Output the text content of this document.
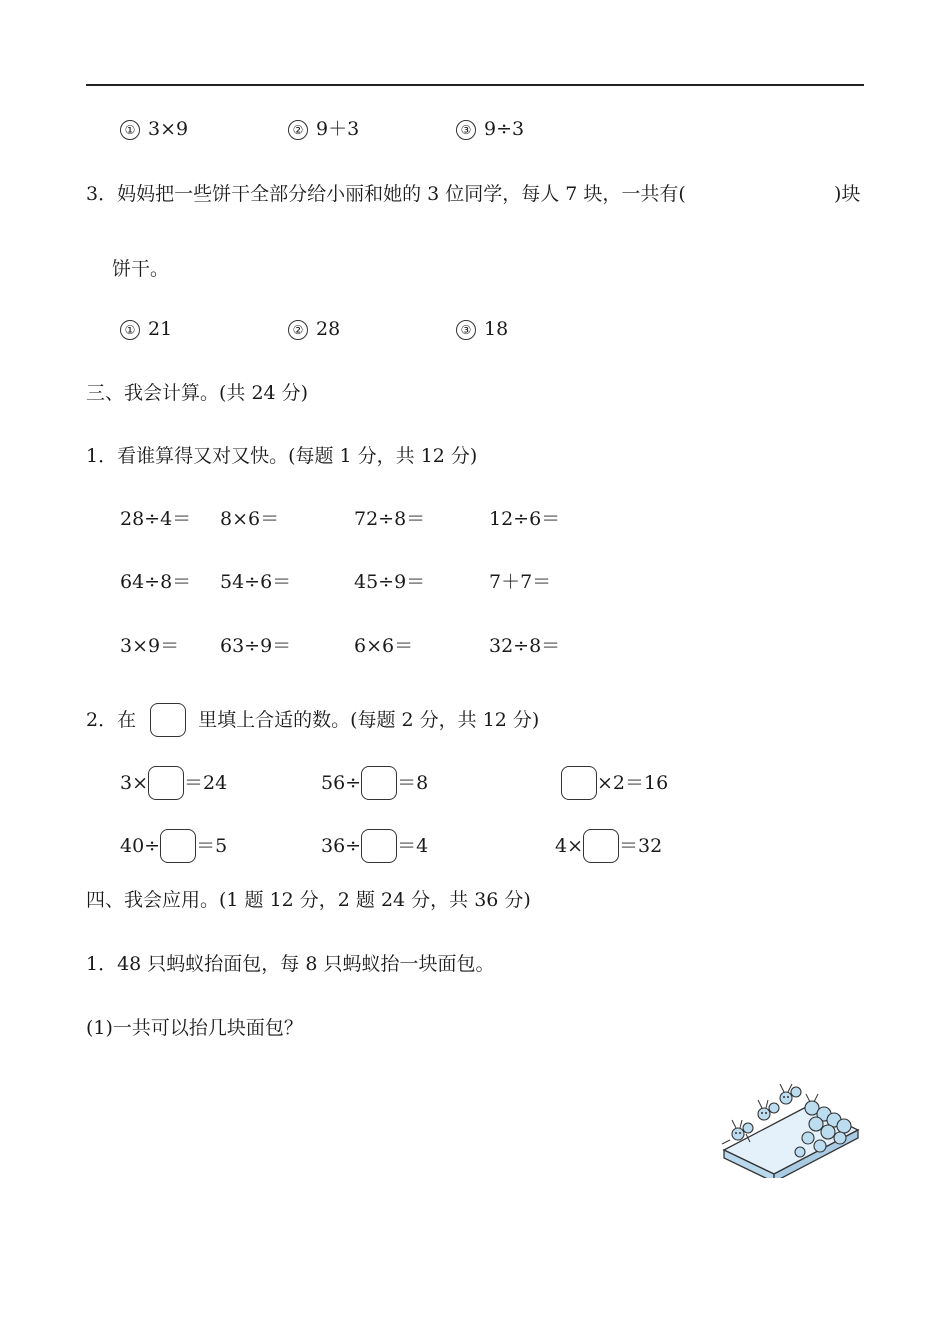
① 3×9	② 9＋3	③ 9÷3
3．妈妈把一些饼干全部分给小丽和她的 3 位同学，每人 7 块，一共有(	)块
饼干。
① 21	② 28	③ 18
三、我会计算。(共 24 分)
1．看谁算得又对又快。(每题 1 分，共 12 分)
28÷4＝ 8×6＝	72÷8＝	12÷6＝
64÷8＝ 54÷6＝	45÷9＝	7＋7＝
3×9＝ 63÷9＝	6×6＝	32÷8＝
2．在	里填上合适的数。(每题 2 分，共 12 分)
3× ＝24	56÷ ＝8	×2＝16
40÷ ＝5	36÷ ＝4	4× ＝32
四、我会应用。(1 题 12 分，2 题 24 分，共 36 分)
1．48 只蚂蚁抬面包，每 8 只蚂蚁抬一块面包。
(1)一共可以抬几块面包？
